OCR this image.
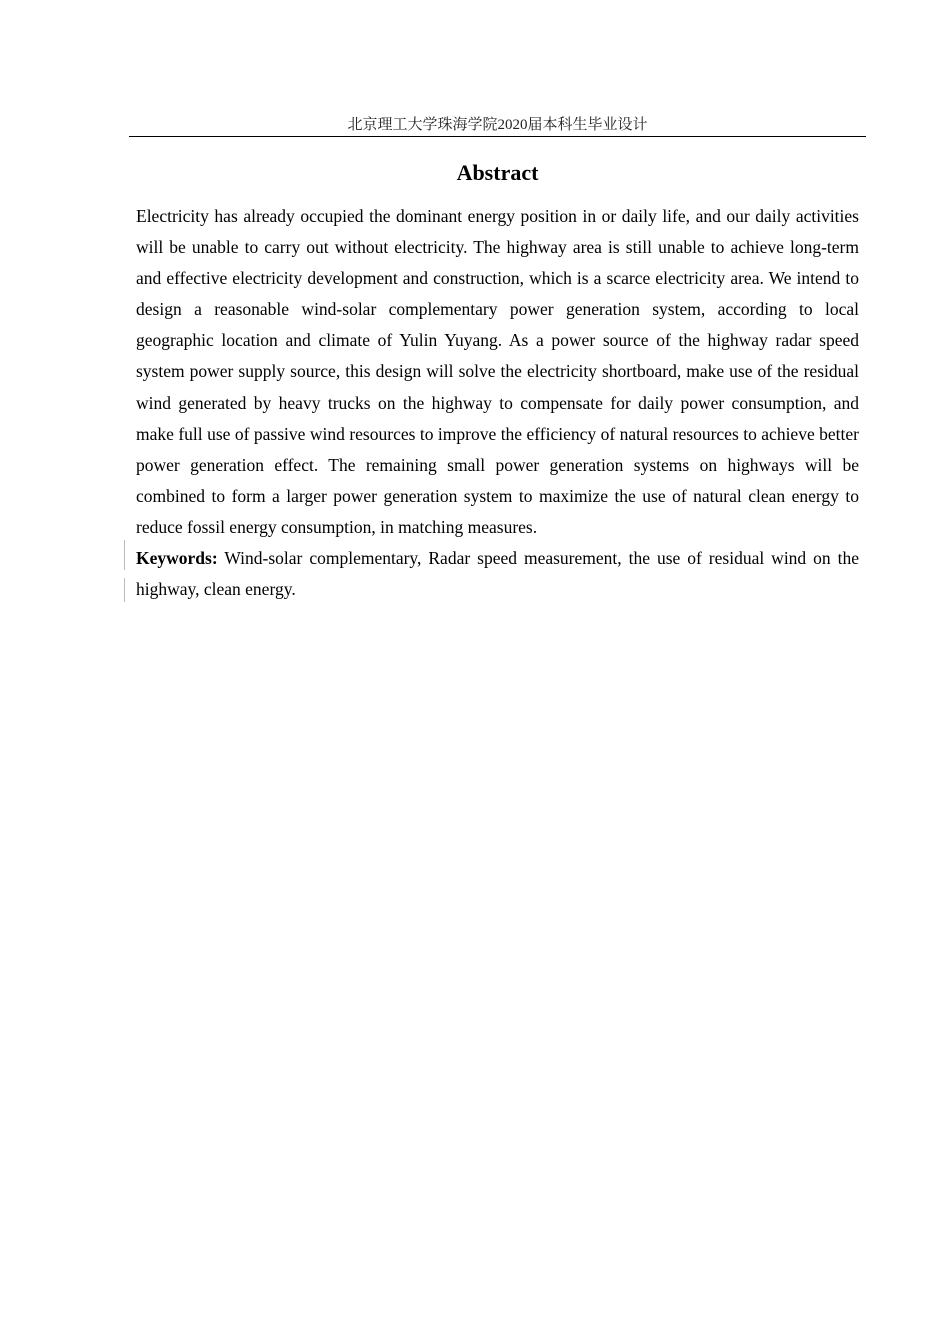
北京理工大学珠海学院2020届本科生毕业设计
Abstract

Electricity has already occupied the dominant energy position in or daily life, and our daily activities will be unable to carry out without electricity. The highway area is still unable to achieve long-term and effective electricity development and construction, which is a scarce electricity area. We intend to design a reasonable wind-solar complementary power generation system, according to local geographic location and climate of Yulin Yuyang. As a power source of the highway radar speed system power supply source, this design will solve the electricity shortboard, make use of the residual wind generated by heavy trucks on the highway to compensate for daily power consumption, and make full use of passive wind resources to improve the efficiency of natural resources to achieve better power generation effect. The remaining small power generation systems on highways will be combined to form a larger power generation system to maximize the use of natural clean energy to reduce fossil energy consumption, in matching measures.

Keywords: Wind-solar complementary, Radar speed measurement, the use of residual wind on the highway, clean energy.
